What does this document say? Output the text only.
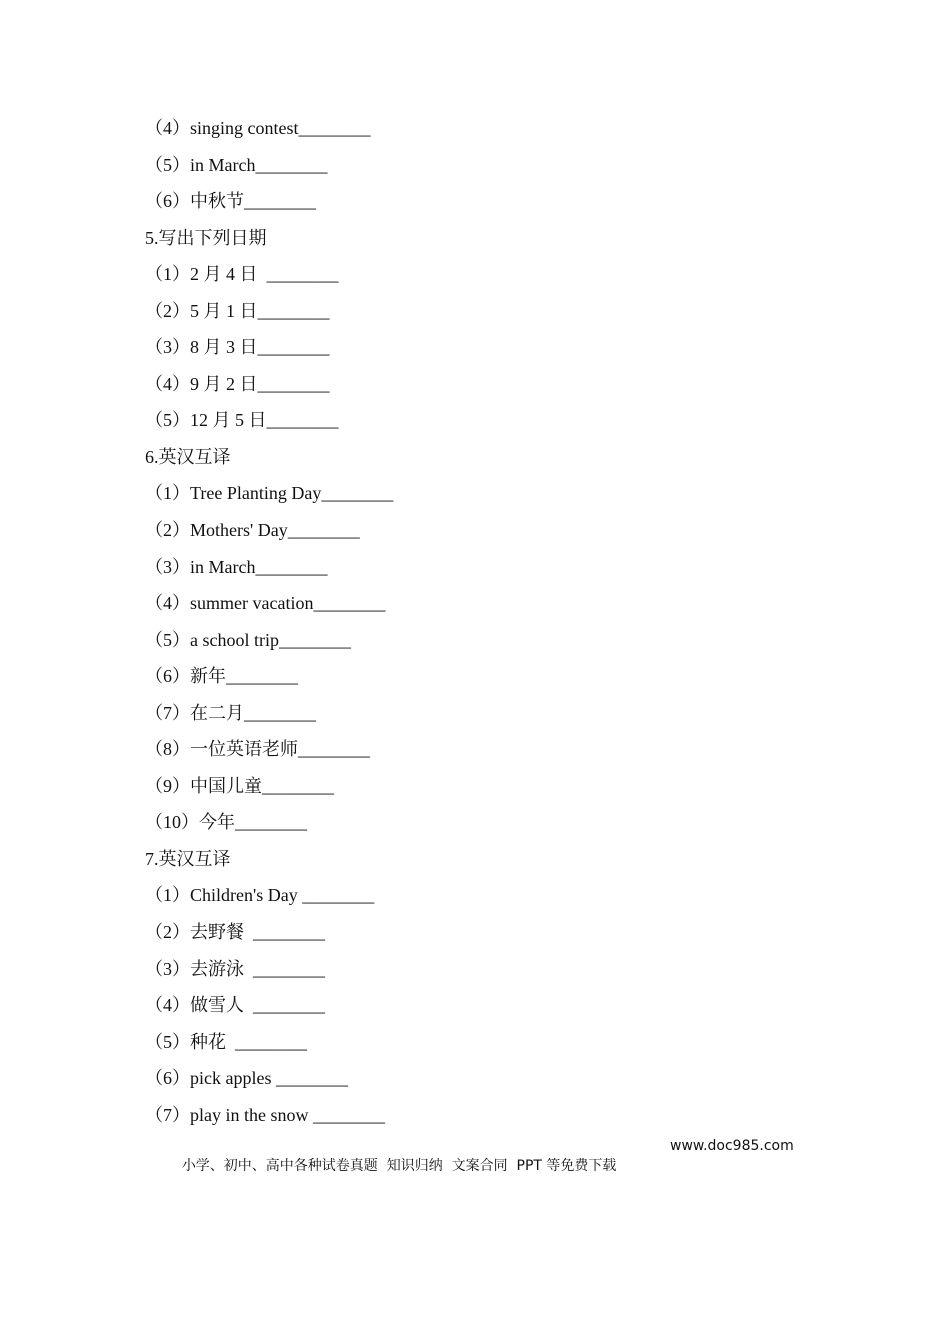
（4）singing contest________
（5）in March________
（6）中秋节________
5.写出下列日期
（1）2 月 4 日  ________
（2）5 月 1 日________
（3）8 月 3 日________
（4）9 月 2 日________
（5）12 月 5 日________
6.英汉互译
（1）Tree Planting Day________
（2）Mothers' Day________
（3）in March________
（4）summer vacation________
（5）a school trip________
（6）新年________
（7）在二月________
（8）一位英语老师________
（9）中国儿童________
（10）今年________
7.英汉互译
（1）Children's Day ________
（2）去野餐  ________
（3）去游泳  ________
（4）做雪人  ________
（5）种花  ________
（6）pick apples ________
（7）play in the snow ________

小学、初中、高中各种试卷真题  知识归纳  文案合同  PPT 等免费下载

www.doc985.com
